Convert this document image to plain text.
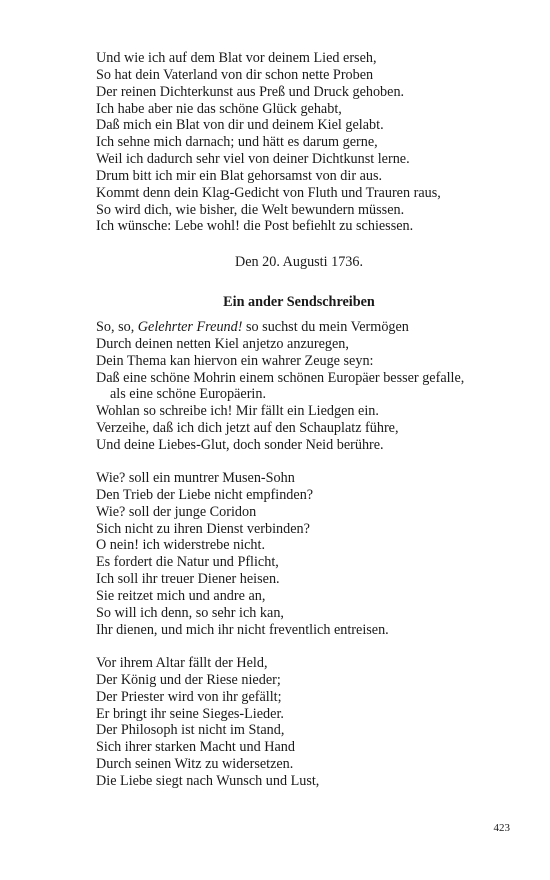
Und wie ich auf dem Blat vor deinem Lied erseh,
So hat dein Vaterland von dir schon nette Proben
Der reinen Dichterkunst aus Preß und Druck gehoben.
Ich habe aber nie das schöne Glück gehabt,
Daß mich ein Blat von dir und deinem Kiel gelabt.
Ich sehne mich darnach; und hätt es darum gerne,
Weil ich dadurch sehr viel von deiner Dichtkunst lerne.
Drum bitt ich mir ein Blat gehorsamst von dir aus.
Kommt denn dein Klag-Gedicht von Fluth und Trauren raus,
So wird dich, wie bisher, die Welt bewundern müssen.
Ich wünsche: Lebe wohl! die Post befiehlt zu schiessen.
Den 20. Augusti 1736.
Ein ander Sendschreiben
So, so, Gelehrter Freund! so suchst du mein Vermögen
Durch deinen netten Kiel anjetzo anzuregen,
Dein Thema kan hiervon ein wahrer Zeuge seyn:
Daß eine schöne Mohrin einem schönen Europäer besser gefalle,
als eine schöne Europäerin.
Wohlan so schreibe ich! Mir fällt ein Liedgen ein.
Verzeihe, daß ich dich jetzt auf den Schauplatz führe,
Und deine Liebes-Glut, doch sonder Neid berühre.
Wie? soll ein muntrer Musen-Sohn
Den Trieb der Liebe nicht empfinden?
Wie? soll der junge Coridon
Sich nicht zu ihren Dienst verbinden?
O nein! ich widerstrebe nicht.
Es fordert die Natur und Pflicht,
Ich soll ihr treuer Diener heisen.
Sie reitzet mich und andre an,
So will ich denn, so sehr ich kan,
Ihr dienen, und mich ihr nicht freventlich entreisen.
Vor ihrem Altar fällt der Held,
Der König und der Riese nieder;
Der Priester wird von ihr gefällt;
Er bringt ihr seine Sieges-Lieder.
Der Philosoph ist nicht im Stand,
Sich ihrer starken Macht und Hand
Durch seinen Witz zu widersetzen.
Die Liebe siegt nach Wunsch und Lust,
423
